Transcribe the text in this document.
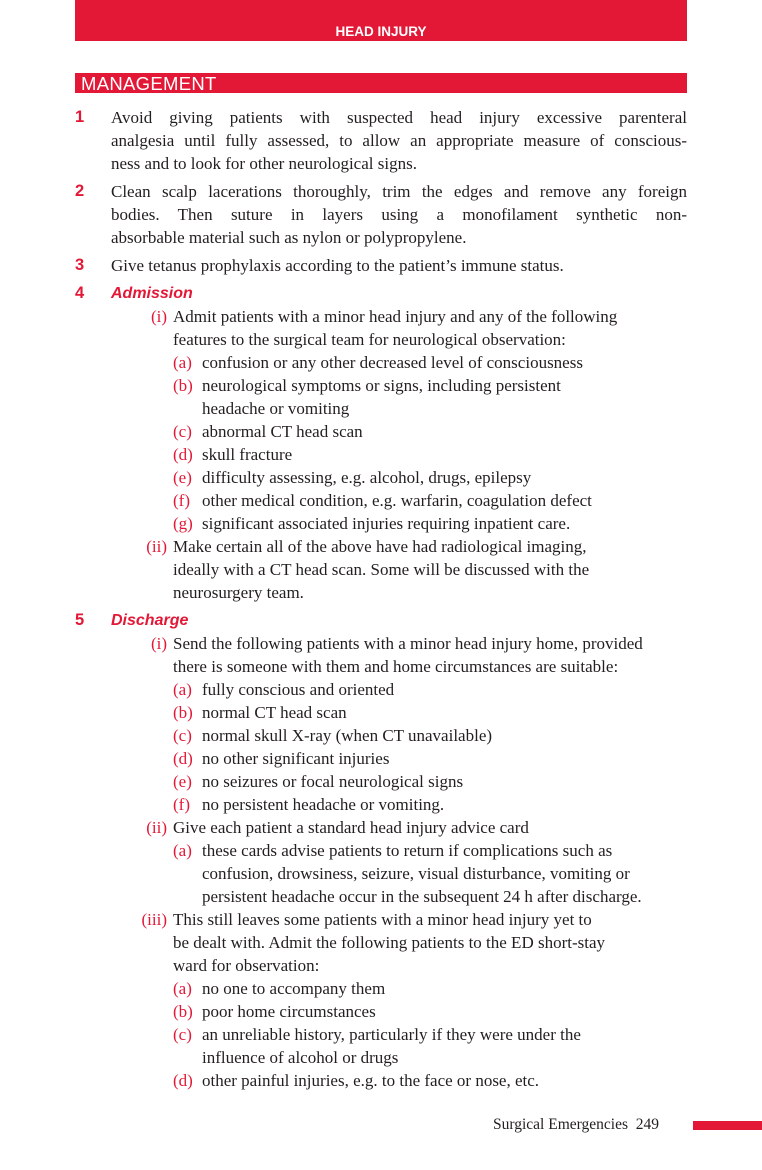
HEAD INJURY
MANAGEMENT
1 Avoid giving patients with suspected head injury excessive parenteral
analgesia until fully assessed, to allow an appropriate measure of conscious-
ness and to look for other neurological signs.
2 Clean scalp lacerations thoroughly, trim the edges and remove any foreign
bodies. Then suture in layers using a monofilament synthetic non-
absorbable material such as nylon or polypropylene.
3 Give tetanus prophylaxis according to the patient’s immune status.
4 Admission
(i) Admit patients with a minor head injury and any of the following
features to the surgical team for neurological observation:
(a) confusion or any other decreased level of consciousness
(b) neurological symptoms or signs, including persistent
headache or vomiting
(c) abnormal CT head scan
(d) skull fracture
(e) difficulty assessing, e.g. alcohol, drugs, epilepsy
(f) other medical condition, e.g. warfarin, coagulation defect
(g) significant associated injuries requiring inpatient care.
(ii) Make certain all of the above have had radiological imaging,
ideally with a CT head scan. Some will be discussed with the
neurosurgery team.
5 Discharge
(i) Send the following patients with a minor head injury home, provided
there is someone with them and home circumstances are suitable:
(a) fully conscious and oriented
(b) normal CT head scan
(c) normal skull X-ray (when CT unavailable)
(d) no other significant injuries
(e) no seizures or focal neurological signs
(f) no persistent headache or vomiting.
(ii) Give each patient a standard head injury advice card
(a) these cards advise patients to return if complications such as
confusion, drowsiness, seizure, visual disturbance, vomiting or
persistent headache occur in the subsequent 24 h after discharge.
(iii) This still leaves some patients with a minor head injury yet to
be dealt with. Admit the following patients to the ED short-stay
ward for observation:
(a) no one to accompany them
(b) poor home circumstances
(c) an unreliable history, particularly if they were under the
influence of alcohol or drugs
(d) other painful injuries, e.g. to the face or nose, etc.
Surgical Emergencies 249
